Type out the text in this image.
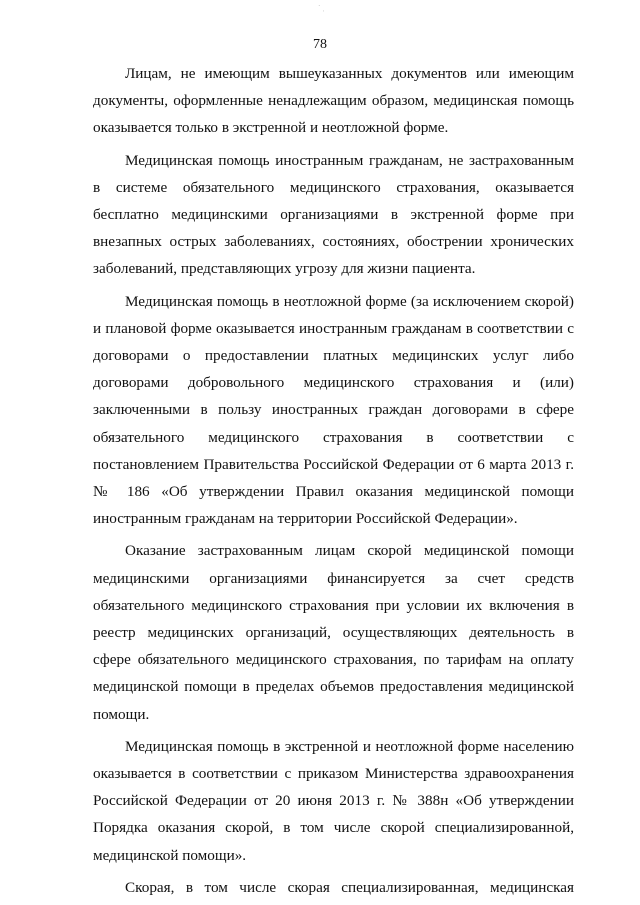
˙ ˌ
78

Лицам, не имеющим вышеуказанных документов или имеющим документы, оформленные ненадлежащим образом, медицинская помощь оказывается только в экстренной и неотложной форме.

Медицинская помощь иностранным гражданам, не застрахованным в системе обязательного медицинского страхования, оказывается бесплатно медицинскими организациями в экстренной форме при внезапных острых заболеваниях, состояниях, обострении хронических заболеваний, представляющих угрозу для жизни пациента.

Медицинская помощь в неотложной форме (за исключением скорой) и плановой форме оказывается иностранным гражданам в соответствии с договорами о предоставлении платных медицинских услуг либо договорами добровольного медицинского страхования и (или) заключенными в пользу иностранных граждан договорами в сфере обязательного медицинского страхования в соответствии с постановлением Правительства Российской Федерации от 6 марта 2013 г. № 186 «Об утверждении Правил оказания медицинской помощи иностранным гражданам на территории Российской Федерации».

Оказание застрахованным лицам скорой медицинской помощи медицинскими организациями финансируется за счет средств обязательного медицинского страхования при условии их включения в реестр медицинских организаций, осуществляющих деятельность в сфере обязательного медицинского страхования, по тарифам на оплату медицинской помощи в пределах объемов предоставления медицинской помощи.

Медицинская помощь в экстренной и неотложной форме населению оказывается в соответствии с приказом Министерства здравоохранения Российской Федерации от 20 июня 2013 г. № 388н «Об утверждении Порядка оказания скорой, в том числе скорой специализированной, медицинской помощи».

Скорая, в том числе скорая специализированная, медицинская
